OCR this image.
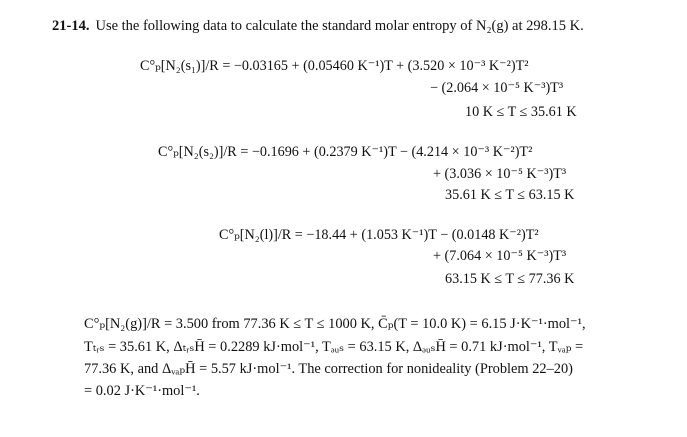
21-14. Use the following data to calculate the standard molar entropy of N₂(g) at 298.15 K.
C°ₚ[N₂(s₁)]/R = −0.03165 + (0.05460 K⁻¹)T + (3.520 × 10⁻³ K⁻²)T²
− (2.064 × 10⁻⁵ K⁻³)T³
10 K ≤ T ≤ 35.61 K
C°ₚ[N₂(s₂)]/R = −0.1696 + (0.2379 K⁻¹)T − (4.214 × 10⁻³ K⁻²)T²
+ (3.036 × 10⁻⁵ K⁻³)T³
35.61 K ≤ T ≤ 63.15 K
C°ₚ[N₂(l)]/R = −18.44 + (1.053 K⁻¹)T − (0.0148 K⁻²)T²
+ (7.064 × 10⁻⁵ K⁻³)T³
63.15 K ≤ T ≤ 77.36 K
C°ₚ[N₂(g)]/R = 3.500 from 77.36 K ≤ T ≤ 1000 K, C̄ₚ(T = 10.0 K) = 6.15 J·K⁻¹·mol⁻¹,
Tₜᵣₛ = 35.61 K, ΔₜᵣₛH̄ = 0.2289 kJ·mol⁻¹, Tₔᵤₛ = 63.15 K, ΔₔᵤₛH̄ = 0.71 kJ·mol⁻¹, Tᵥₐₚ =
77.36 K, and ΔᵥₐₚH̄ = 5.57 kJ·mol⁻¹. The correction for nonideality (Problem 22–20)
= 0.02 J·K⁻¹·mol⁻¹.
